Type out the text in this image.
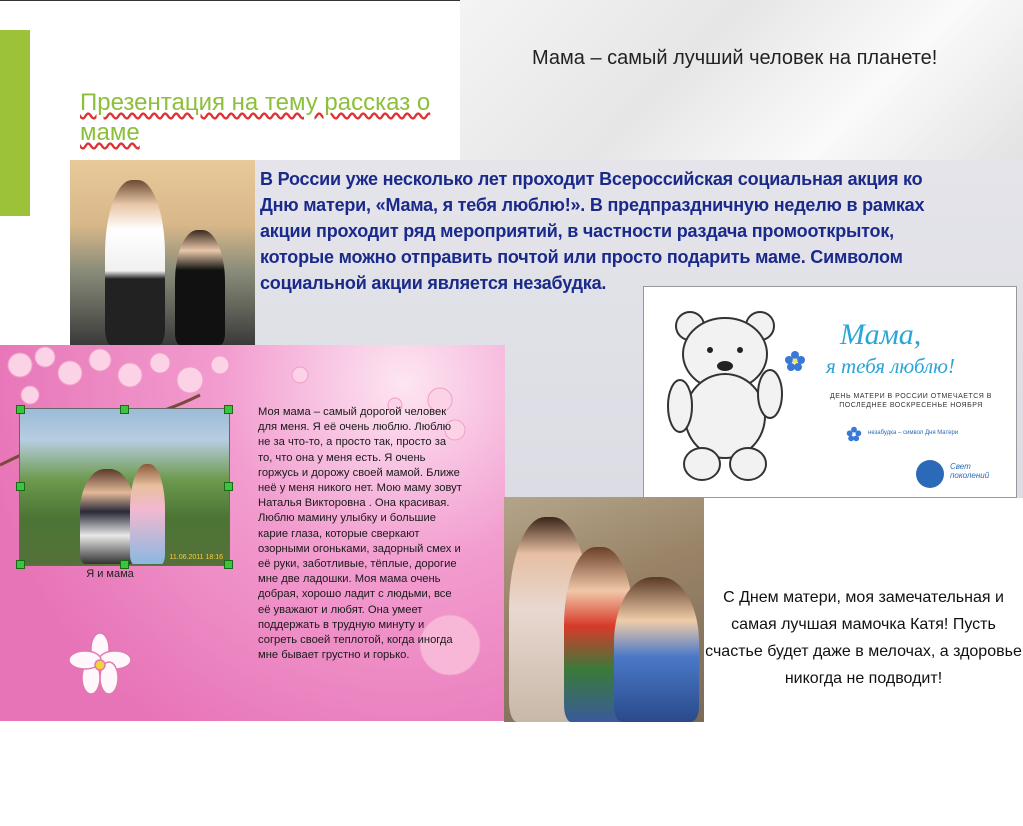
Презентация на тему рассказ о маме
Мама – самый лучший человек на планете!
В России уже несколько лет проходит Всероссийская социальная акция ко Дню матери, «Мама, я тебя люблю!». В предпраздничную неделю в рамках акции проходит ряд мероприятий, в частности раздача промооткрыток, которые можно отправить почтой или просто подарить маме. Символом социальной акции является незабудка.
Мама,
я тебя люблю!
ДЕНЬ МАТЕРИ В РОССИИ ОТМЕЧАЕТСЯ В ПОСЛЕДНЕЕ ВОСКРЕСЕНЬЕ НОЯБРЯ
незабудка – символ Дня Матери
Свет поколений
11.06.2011 18:16
Я и мама
Моя мама – самый дорогой человек для меня. Я её очень люблю. Люблю не за что-то, а просто так, просто за то, что она у меня есть. Я очень горжусь и дорожу своей мамой. Ближе неё у меня никого нет. Мою маму зовут Наталья Викторовна . Она красивая. Люблю мамину улыбку и большие карие глаза, которые сверкают озорными огоньками, задорный смех и её руки, заботливые, тёплые, дорогие мне две ладошки. Моя мама очень добрая, хорошо ладит с людьми, все её уважают и любят. Она умеет поддержать в трудную минуту и согреть своей теплотой, когда иногда мне бывает грустно и горько.
С Днем матери, моя замечательная и самая лучшая мамочка Катя! Пусть счастье будет даже в мелочах, а здоровье никогда не подводит!
